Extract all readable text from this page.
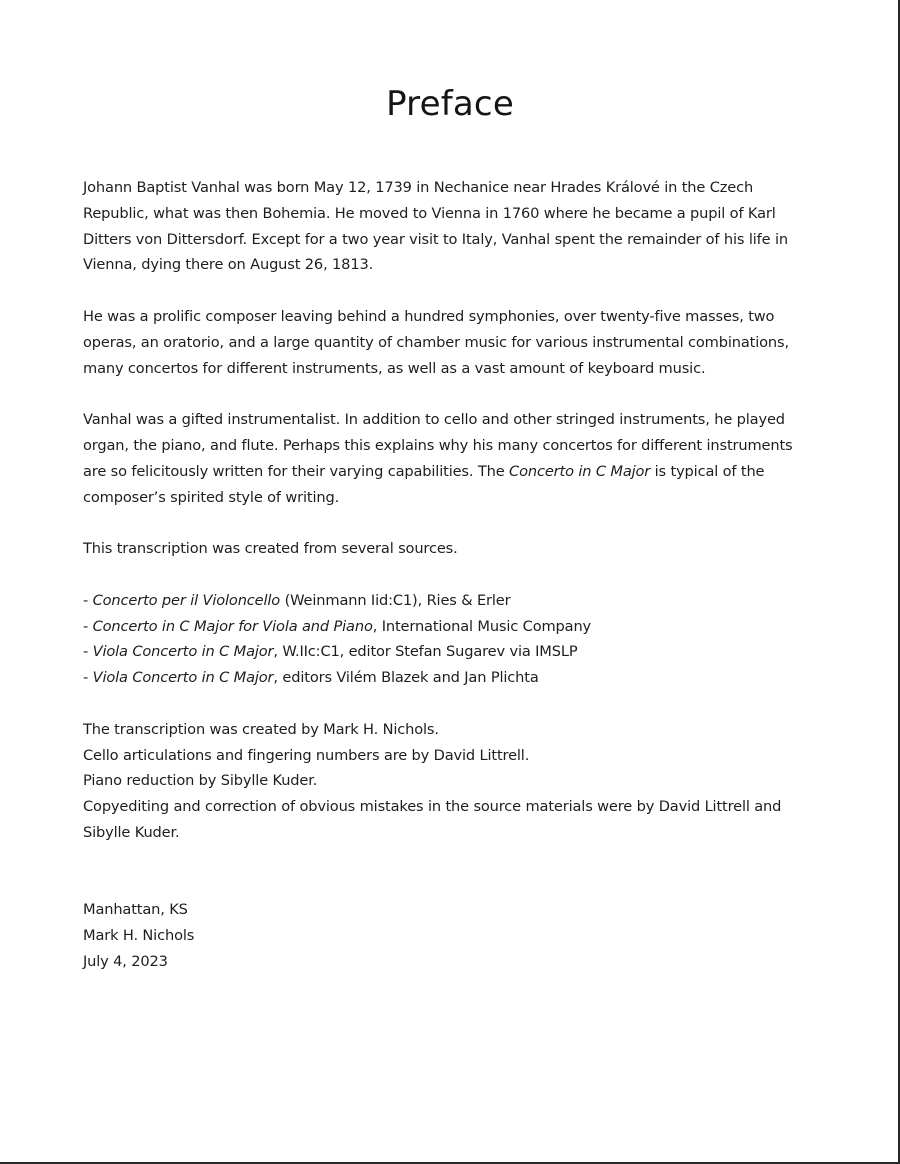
Preface

Johann Baptist Vanhal was born May 12, 1739 in Nechanice near Hrades Králové in the Czech Republic, what was then Bohemia. He moved to Vienna in 1760 where he became a pupil of Karl Ditters von Dittersdorf. Except for a two year visit to Italy, Vanhal spent the remainder of his life in Vienna, dying there on August 26, 1813.

He was a prolific composer leaving behind a hundred symphonies, over twenty-five masses, two operas, an oratorio, and a large quantity of chamber music for various instrumental combinations, many concertos for different instruments, as well as a vast amount of keyboard music.

Vanhal was a gifted instrumentalist. In addition to cello and other stringed instruments, he played organ, the piano, and flute. Perhaps this explains why his many concertos for different instruments are so felicitously written for their varying capabilities. The Concerto in C Major is typical of the composer’s spirited style of writing.

This transcription was created from several sources.

- Concerto per il Violoncello (Weinmann Iid:C1), Ries & Erler
- Concerto in C Major for Viola and Piano, International Music Company
- Viola Concerto in C Major, W.IIc:C1, editor Stefan Sugarev via IMSLP
- Viola Concerto in C Major, editors Vilém Blazek and Jan Plichta

The transcription was created by Mark H. Nichols.

Cello articulations and fingering numbers are by David Littrell.

Piano reduction by Sibylle Kuder.

Copyediting and correction of obvious mistakes in the source materials were by David Littrell and Sibylle Kuder.

Manhattan, KS

Mark H. Nichols

July 4, 2023
